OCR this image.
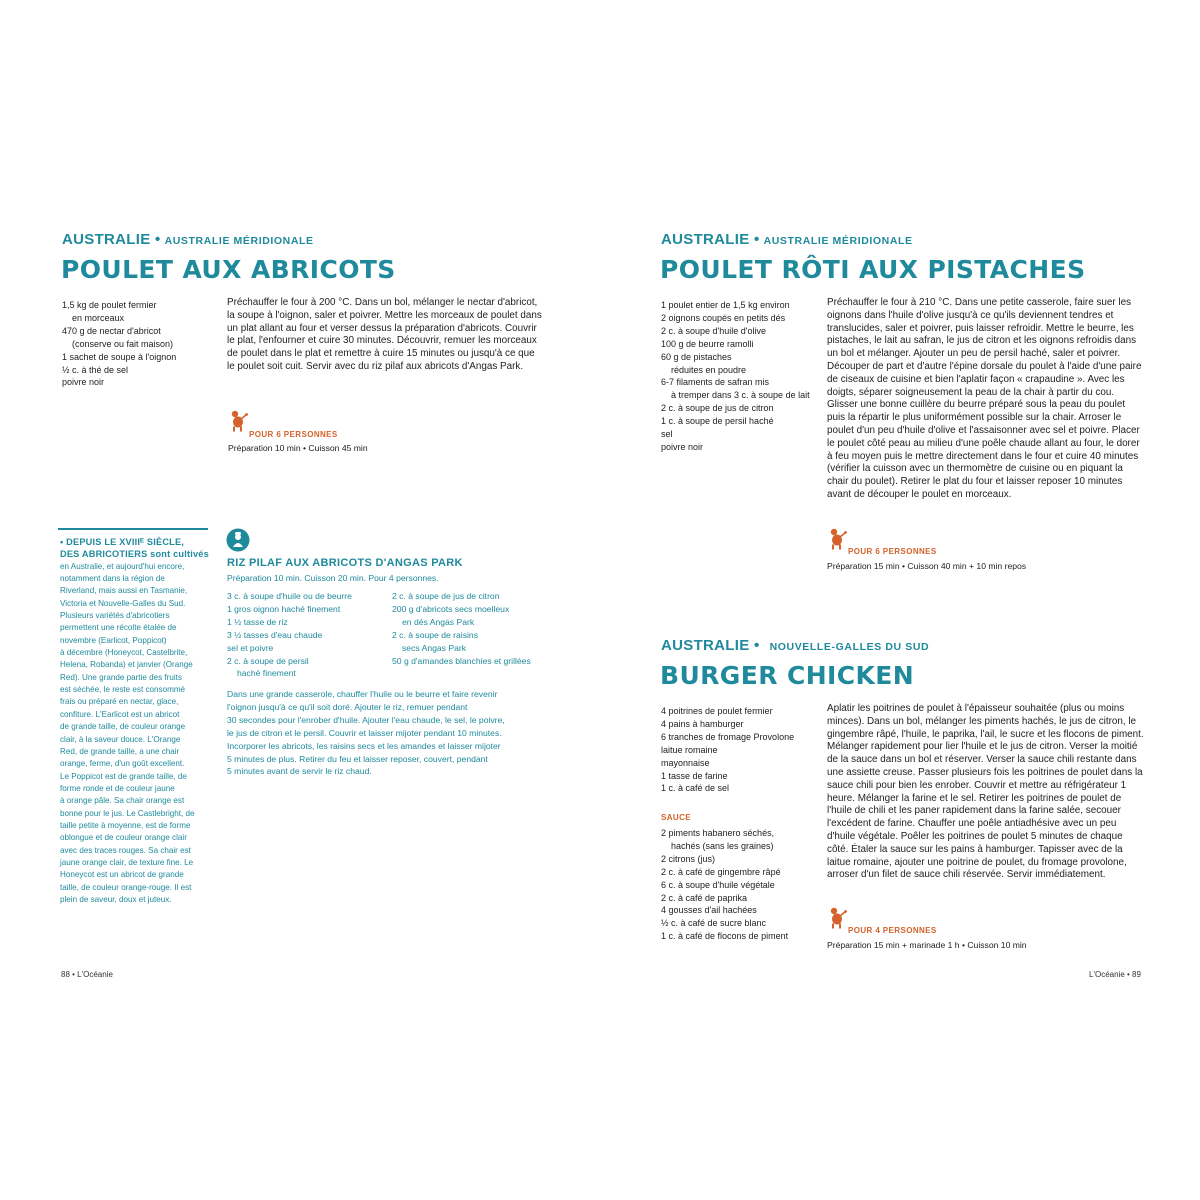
AUSTRALIE • AUSTRALIE MÉRIDIONALE
POULET AUX ABRICOTS
1,5 kg de poulet fermier
en morceaux
470 g de nectar d'abricot
(conserve ou fait maison)
1 sachet de soupe à l'oignon
½ c. à thé de sel
poivre noir

Préchauffer le four à 200 °C. Dans un bol, mélanger le nectar d'abricot, la soupe à l'oignon, saler et poivrer. Mettre les morceaux de poulet dans un plat allant au four et verser dessus la préparation d'abricots. Couvrir le plat, l'enfourner et cuire 30 minutes. Découvrir, remuer les morceaux de poulet dans le plat et remettre à cuire 15 minutes ou jusqu'à ce que le poulet soit cuit. Servir avec du riz pilaf aux abricots d'Angas Park.

POUR 6 PERSONNES
Préparation 10 min • Cuisson 45 min
• DEPUIS LE XVIIIᴱ SIÈCLE,
DES ABRICOTIERS sont cultivés
en Australie, et aujourd'hui encore,
notamment dans la région de
Riverland, mais aussi en Tasmanie,
Victoria et Nouvelle-Galles du Sud.
Plusieurs variétés d'abricotiers
permettent une récolte étalée de
novembre (Earlicot, Poppicot)
à décembre (Honeycot, Castelbrite,
Helena, Robanda) et janvier (Orange
Red). Une grande partie des fruits
est séchée, le reste est consommé
frais ou préparé en nectar, glace,
confiture. L'Earlicot est un abricot
de grande taille, de couleur orange
clair, à la saveur douce. L'Orange
Red, de grande taille, a une chair
orange, ferme, d'un goût excellent.
Le Poppicot est de grande taille, de
forme ronde et de couleur jaune
à orange pâle. Sa chair orange est
bonne pour le jus. Le Castlebright, de
taille petite à moyenne, est de forme
oblongue et de couleur orange clair
avec des traces rouges. Sa chair est
jaune orange clair, de texture fine. Le
Honeycot est un abricot de grande
taille, de couleur orange-rouge. Il est
plein de saveur, doux et juteux.
RIZ PILAF AUX ABRICOTS D'ANGAS PARK
Préparation 10 min. Cuisson 20 min. Pour 4 personnes.
3 c. à soupe d'huile ou de beurre
1 gros oignon haché finement
1 ½ tasse de riz
3 ½ tasses d'eau chaude
sel et poivre
2 c. à soupe de persil
haché finement
2 c. à soupe de jus de citron
200 g d'abricots secs moelleux
en dés Angas Park
2 c. à soupe de raisins
secs Angas Park
50 g d'amandes blanchies et grillées
Dans une grande casserole, chauffer l'huile ou le beurre et faire revenir
l'oignon jusqu'à ce qu'il soit doré. Ajouter le riz, remuer pendant
30 secondes pour l'enrober d'huile. Ajouter l'eau chaude, le sel, le poivre,
le jus de citron et le persil. Couvrir et laisser mijoter pendant 10 minutes.
Incorporer les abricots, les raisins secs et les amandes et laisser mijoter
5 minutes de plus. Retirer du feu et laisser reposer, couvert, pendant
5 minutes avant de servir le riz chaud.
88 • L'Océanie
AUSTRALIE • AUSTRALIE MÉRIDIONALE
POULET RÔTI AUX PISTACHES
1 poulet entier de 1,5 kg environ
2 oignons coupés en petits dés
2 c. à soupe d'huile d'olive
100 g de beurre ramolli
60 g de pistaches
réduites en poudre
6-7 filaments de safran mis
à tremper dans 3 c. à soupe de lait
2 c. à soupe de jus de citron
1 c. à soupe de persil haché
sel
poivre noir

Préchauffer le four à 210 °C. Dans une petite casserole, faire suer les oignons dans l'huile d'olive jusqu'à ce qu'ils deviennent tendres et translucides, saler et poivrer, puis laisser refroidir. Mettre le beurre, les pistaches, le lait au safran, le jus de citron et les oignons refroidis dans un bol et mélanger. Ajouter un peu de persil haché, saler et poivrer. Découper de part et d'autre l'épine dorsale du poulet à l'aide d'une paire de ciseaux de cuisine et bien l'aplatir façon « crapaudine ». Avec les doigts, séparer soigneusement la peau de la chair à partir du cou. Glisser une bonne cuillère du beurre préparé sous la peau du poulet puis la répartir le plus uniformément possible sur la chair. Arroser le poulet d'un peu d'huile d'olive et l'assaisonner avec sel et poivre. Placer le poulet côté peau au milieu d'une poêle chaude allant au four, le dorer à feu moyen puis le mettre directement dans le four et cuire 40 minutes (vérifier la cuisson avec un thermomètre de cuisine ou en piquant la chair du poulet). Retirer le plat du four et laisser reposer 10 minutes avant de découper le poulet en morceaux.

POUR 6 PERSONNES
Préparation 15 min • Cuisson 40 min + 10 min repos
AUSTRALIE • NOUVELLE-GALLES DU SUD
BURGER CHICKEN
4 poitrines de poulet fermier
4 pains à hamburger
6 tranches de fromage Provolone
laitue romaine
mayonnaise
1 tasse de farine
1 c. à café de sel
SAUCE
2 piments habanero séchés,
hachés (sans les graines)
2 citrons (jus)
2 c. à café de gingembre râpé
6 c. à soupe d'huile végétale
2 c. à café de paprika
4 gousses d'ail hachées
½ c. à café de sucre blanc
1 c. à café de flocons de piment

Aplatir les poitrines de poulet à l'épaisseur souhaitée (plus ou moins minces). Dans un bol, mélanger les piments hachés, le jus de citron, le gingembre râpé, l'huile, le paprika, l'ail, le sucre et les flocons de piment. Mélanger rapidement pour lier l'huile et le jus de citron. Verser la moitié de la sauce dans un bol et réserver. Verser la sauce chili restante dans une assiette creuse. Passer plusieurs fois les poitrines de poulet dans la sauce chili pour bien les enrober. Couvrir et mettre au réfrigérateur 1 heure. Mélanger la farine et le sel. Retirer les poitrines de poulet de l'huile de chili et les paner rapidement dans la farine salée, secouer l'excédent de farine. Chauffer une poêle antiadhésive avec un peu d'huile végétale. Poêler les poitrines de poulet 5 minutes de chaque côté. Étaler la sauce sur les pains à hamburger. Tapisser avec de la laitue romaine, ajouter une poitrine de poulet, du fromage provolone, arroser d'un filet de sauce chili réservée. Servir immédiatement.

POUR 4 PERSONNES
Préparation 15 min + marinade 1 h • Cuisson 10 min
L'Océanie • 89
